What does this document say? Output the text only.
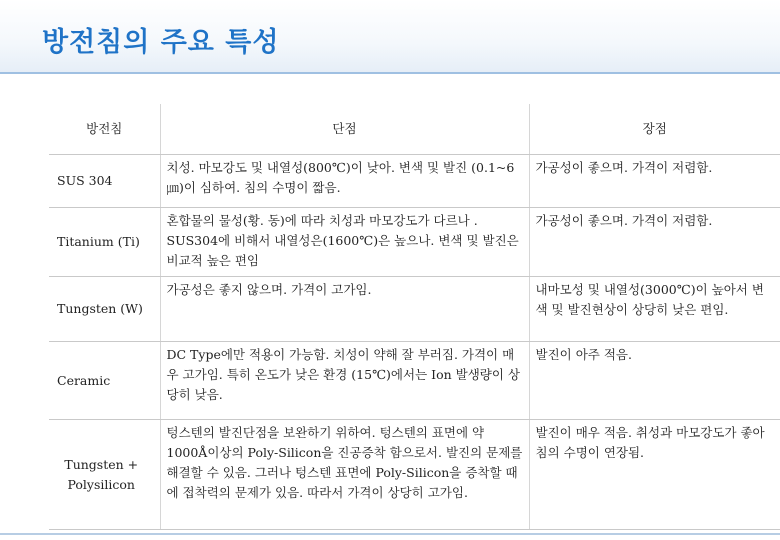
방전침의 주요 특성
방전침	단점	장점
SUS 304	치성. 마모강도 및 내열성(800℃)이 낮아. 변색 및 발진 (0.1~6㎛)이 심하여. 침의 수명이 짧음.	가공성이 좋으며. 가격이 저렴함.
Titanium (Ti)	혼합물의 물성(황. 동)에 따라 치성과 마모강도가 다르나 . SUS304에 비해서 내열성은(1600℃)은 높으나. 변색 및 발진은 비교적 높은 편임	가공성이 좋으며. 가격이 저렴함.
Tungsten (W)	가공성은 좋지 않으며. 가격이 고가임.	내마모성 및 내열성(3000℃)이 높아서 변색 및 발진현상이 상당히 낮은 편임.
Ceramic	DC Type에만 적용이 가능함. 치성이 약해 잘 부러짐. 가격이 매우 고가임. 특히 온도가 낮은 환경 (15℃)에서는 Ion 발생량이 상당히 낮음.	발진이 아주 적음.
Tungsten + Polysilicon	텅스텐의 발진단점을 보완하기 위하여. 텅스텐의 표면에 약 1000Å이상의 Poly-Silicon을 진공증착 함으로서. 발진의 문제를 해결할 수 있음. 그러나 텅스텐 표면에 Poly-Silicon을 증착할 때에 접착력의 문제가 있음. 따라서 가격이 상당히 고가임.	발진이 매우 적음. 취성과 마모강도가 좋아 침의 수명이 연장됨.
